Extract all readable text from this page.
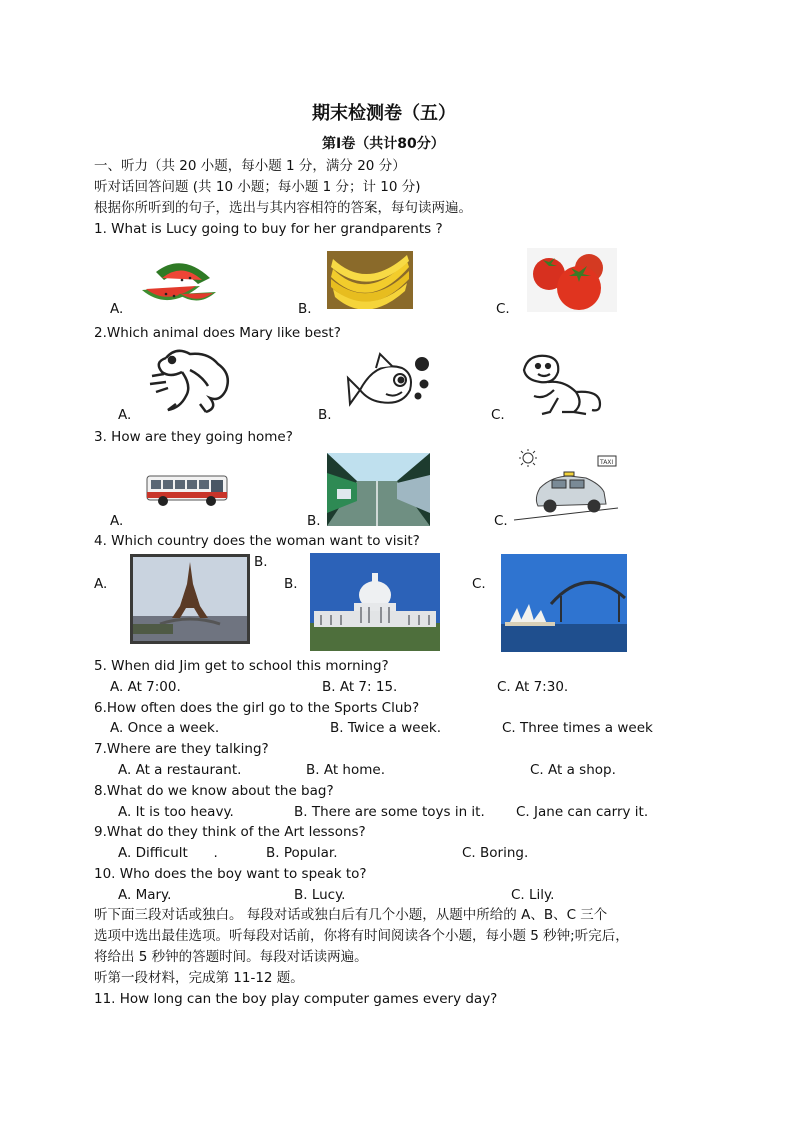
期末检测卷（五）
第I卷（共计80分）
一、听力（共 20 小题，每小题 1 分，满分 20 分）
听对话回答问题 (共 10 小题；每小题 1 分；计 10 分)
根据你所听到的句子，选出与其内容相符的答案，每句读两遍。
1. What is Lucy going to buy for her grandparents ?
A.	B.	C.
2.Which animal does Mary like best?
A.	B.	C.
3. How are they going home?
TAXI
A.	B.	C.
4. Which country does the woman want to visit?
B.
A.	B.	C.
5. When did Jim get to school this morning?
A. At 7:00.	B. At 7: 15.	C. At 7:30.
6.How often does the girl go to the Sports Club?
A. Once a week.	B. Twice a week.	C. Three times a week
7.Where are they talking?
A. At a restaurant.	B. At home.	C. At a shop.
8.What do we know about the bag?
A. It is too heavy.	B. There are some toys in it. C. Jane can carry it.
9.What do they think of the Art lessons?
A. Difficult      .	B. Popular.	C. Boring.
10. Who does the boy want to speak to?
A. Mary.	B. Lucy.	C. Lily.
听下面三段对话或独白。 每段对话或独白后有几个小题，从题中所给的 A、B、C 三个
选项中选出最佳选项。听每段对话前，你将有时间阅读各个小题，每小题 5 秒钟;听完后，
将给出 5 秒钟的答题时间。每段对话读两遍。
听第一段材料，完成第 11-12 题。
11. How long can the boy play computer games every day?
